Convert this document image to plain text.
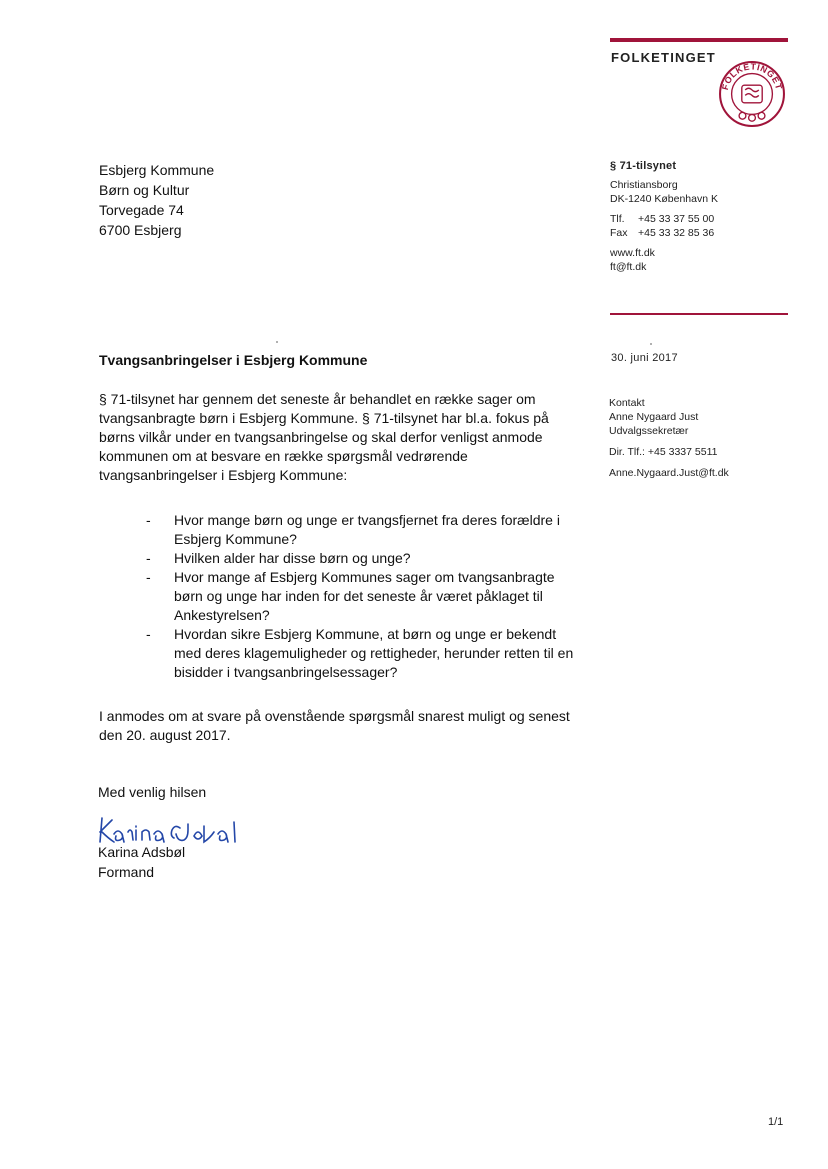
FOLKETINGET
FOLKETINGET
Esbjerg Kommune
Børn og Kultur
Torvegade 74
6700 Esbjerg
§ 71-tilsynet
Christiansborg
DK-1240 København K
Tlf. +45 33 37 55 00
Fax +45 33 32 85 36
www.ft.dk
ft@ft.dk
30. juni 2017
Kontakt
Anne Nygaard Just
Udvalgssekretær
Dir. Tlf.: +45 3337 5511
Anne.Nygaard.Just@ft.dk
Tvangsanbringelser i Esbjerg Kommune
§ 71-tilsynet har gennem det seneste år behandlet en række sager om tvangsanbragte børn i Esbjerg Kommune. § 71-tilsynet har bl.a. fokus på børns vilkår under en tvangsanbringelse og skal derfor venligst anmode kommunen om at besvare en række spørgsmål vedrørende tvangsanbringelser i Esbjerg Kommune:
- Hvor mange børn og unge er tvangsfjernet fra deres forældre i Esbjerg Kommune?
- Hvilken alder har disse børn og unge?
- Hvor mange af Esbjerg Kommunes sager om tvangsanbragte børn og unge har inden for det seneste år været påklaget til Ankestyrelsen?
- Hvordan sikre Esbjerg Kommune, at børn og unge er bekendt med deres klagemuligheder og rettigheder, herunder retten til en bisidder i tvangsanbringelsessager?
I anmodes om at svare på ovenstående spørgsmål snarest muligt og senest den 20. august 2017.
Med venlig hilsen
Karina Adsbøl
Formand
1/1
